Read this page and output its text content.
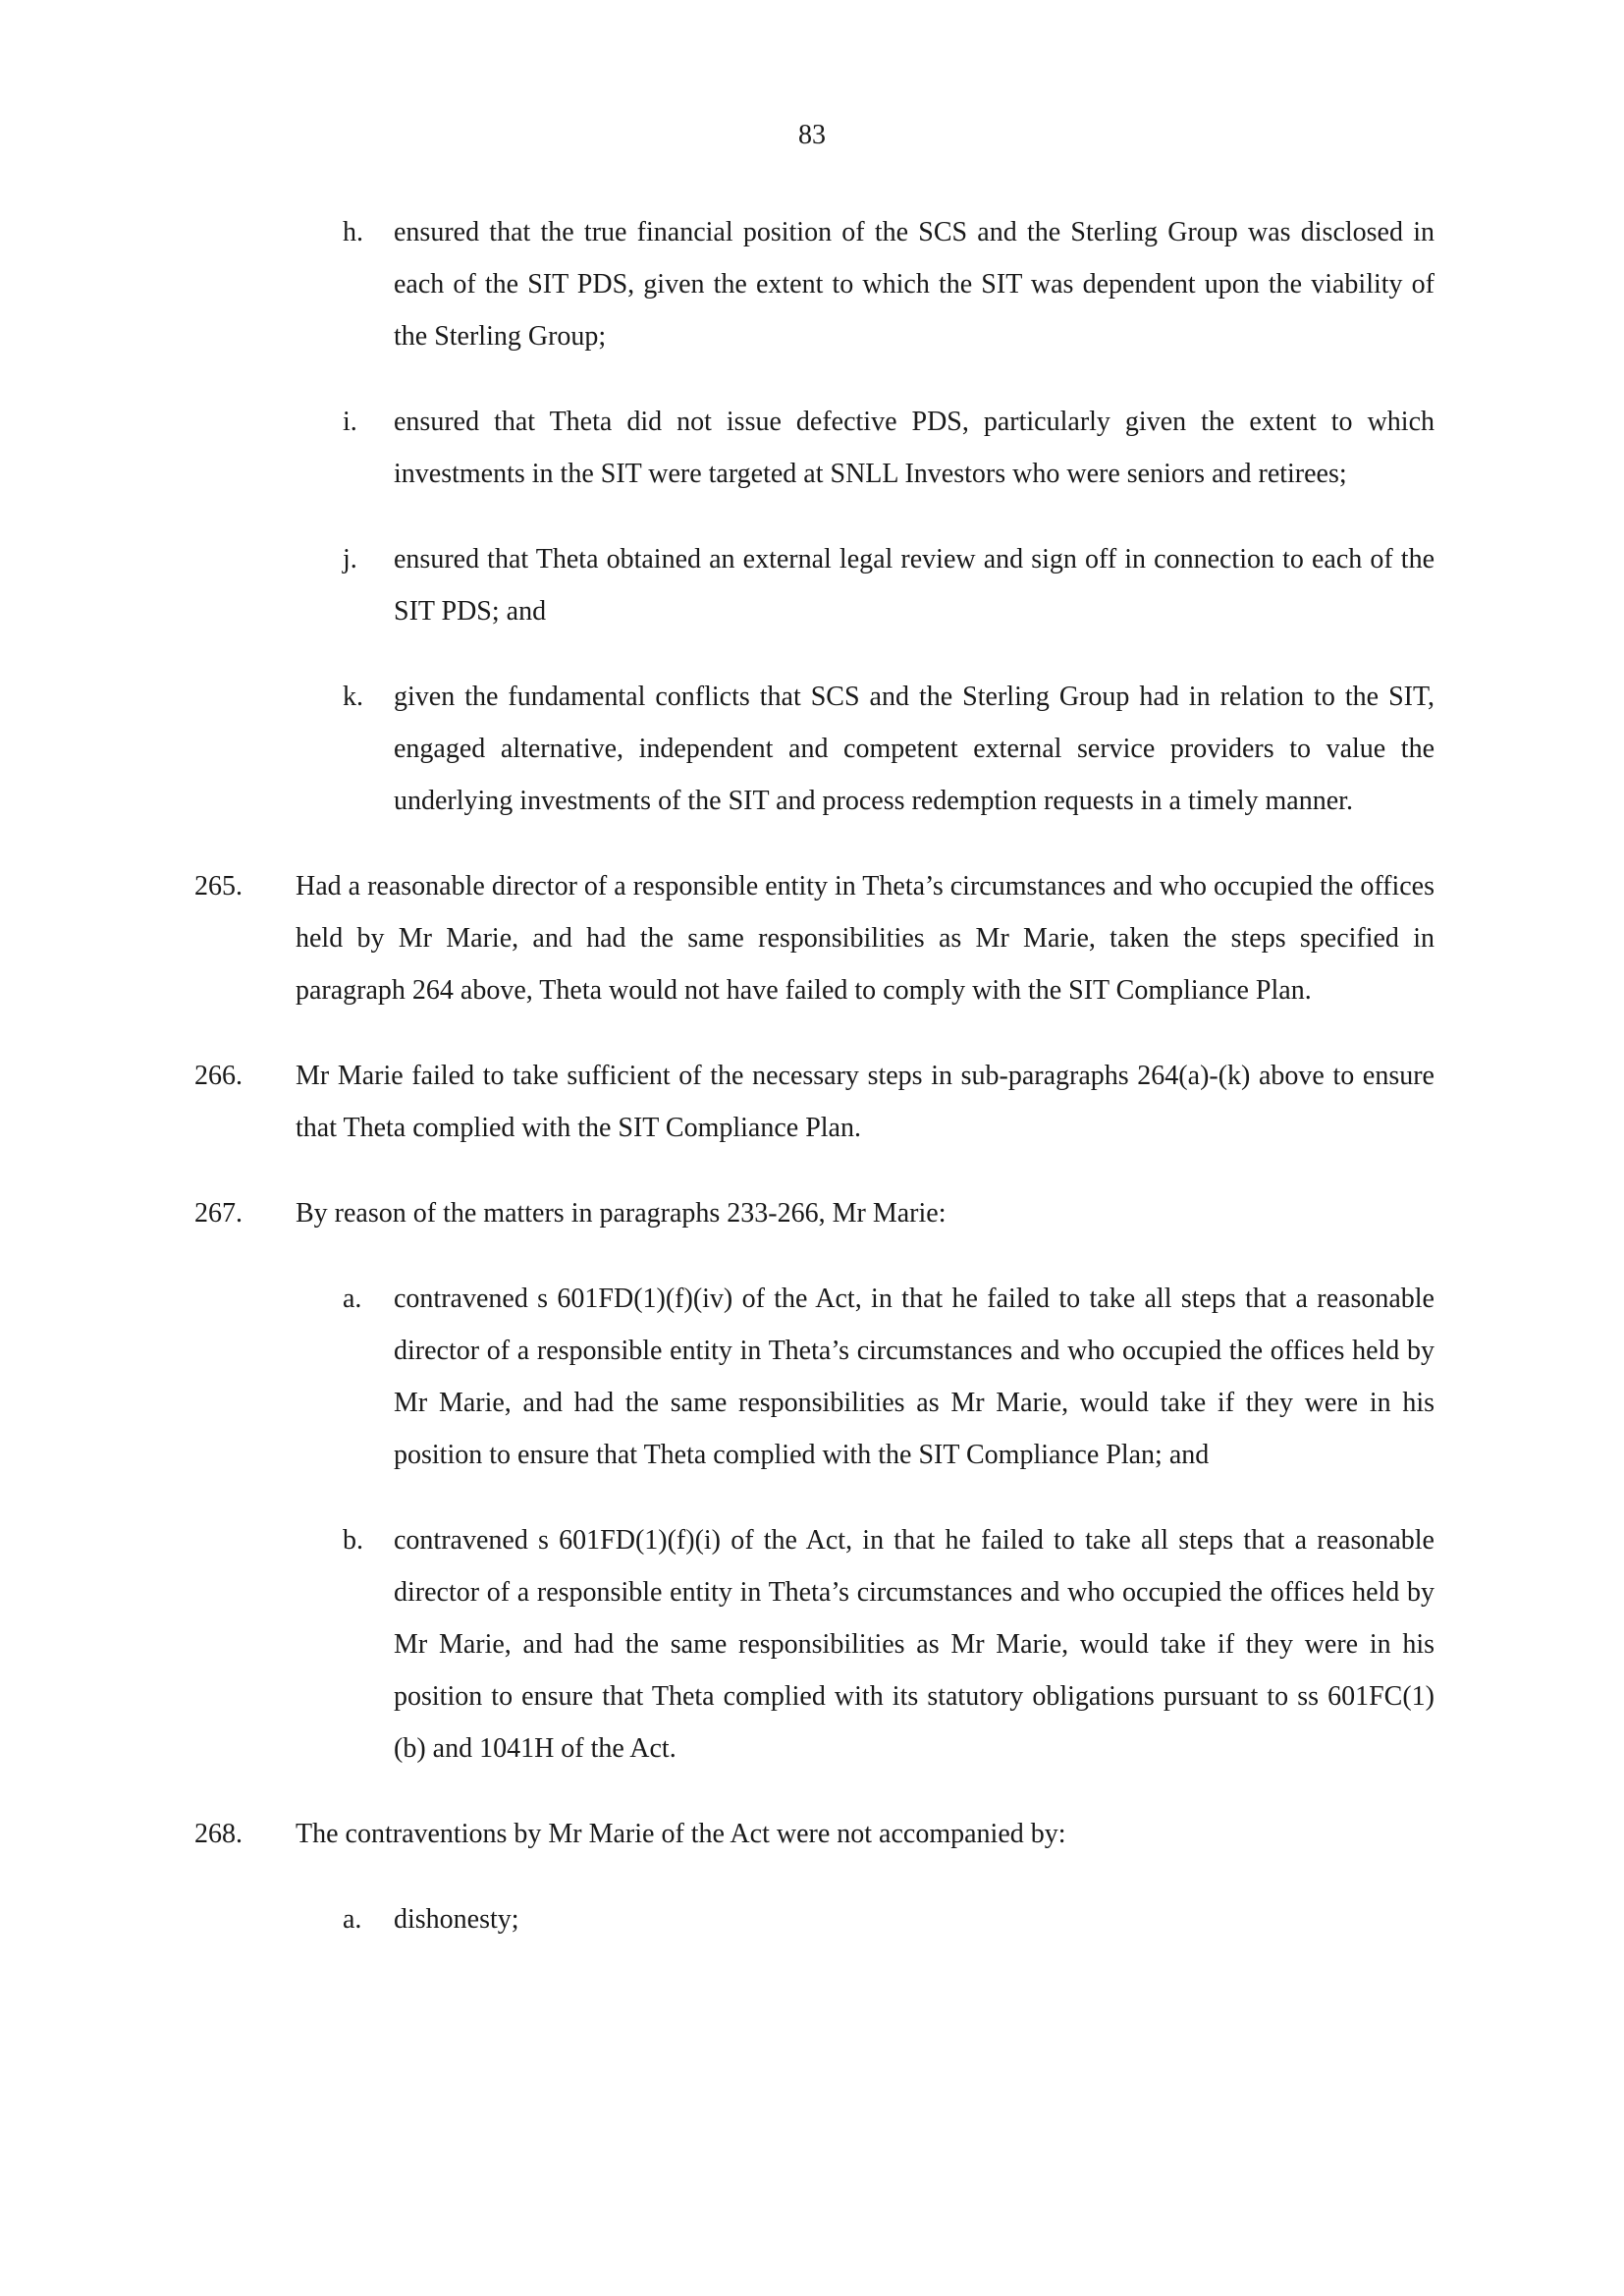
83
h.	ensured that the true financial position of the SCS and the Sterling Group was disclosed in each of the SIT PDS, given the extent to which the SIT was dependent upon the viability of the Sterling Group;
i.	ensured that Theta did not issue defective PDS, particularly given the extent to which investments in the SIT were targeted at SNLL Investors who were seniors and retirees;
j.	ensured that Theta obtained an external legal review and sign off in connection to each of the SIT PDS; and
k.	given the fundamental conflicts that SCS and the Sterling Group had in relation to the SIT, engaged alternative, independent and competent external service providers to value the underlying investments of the SIT and process redemption requests in a timely manner.
265. Had a reasonable director of a responsible entity in Theta’s circumstances and who occupied the offices held by Mr Marie, and had the same responsibilities as Mr Marie, taken the steps specified in paragraph 264 above, Theta would not have failed to comply with the SIT Compliance Plan.
266. Mr Marie failed to take sufficient of the necessary steps in sub-paragraphs 264(a)-(k) above to ensure that Theta complied with the SIT Compliance Plan.
267. By reason of the matters in paragraphs 233-266, Mr Marie:
a.	contravened s 601FD(1)(f)(iv) of the Act, in that he failed to take all steps that a reasonable director of a responsible entity in Theta’s circumstances and who occupied the offices held by Mr Marie, and had the same responsibilities as Mr Marie, would take if they were in his position to ensure that Theta complied with the SIT Compliance Plan; and
b.	contravened s 601FD(1)(f)(i) of the Act, in that he failed to take all steps that a reasonable director of a responsible entity in Theta’s circumstances and who occupied the offices held by Mr Marie, and had the same responsibilities as Mr Marie, would take if they were in his position to ensure that Theta complied with its statutory obligations pursuant to ss 601FC(1)(b) and 1041H of the Act.
268. The contraventions by Mr Marie of the Act were not accompanied by:
a.	dishonesty;
